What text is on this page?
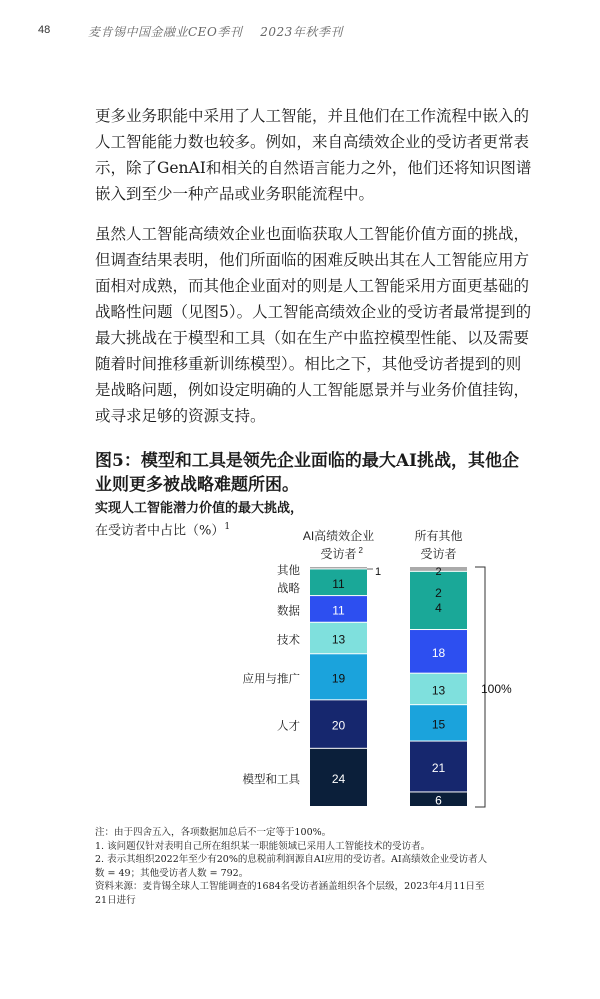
48	麦肯锡中国金融业CEO季刊 2023年秋季刊

更多业务职能中采用了人工智能，并且他们在工作流程中嵌入的人工智能能力数也较多。例如，来自高绩效企业的受访者更常表示，除了GenAI和相关的自然语言能力之外，他们还将知识图谱嵌入到至少一种产品或业务职能流程中。

虽然人工智能高绩效企业也面临获取人工智能价值方面的挑战，但调查结果表明，他们所面临的困难反映出其在人工智能应用方面相对成熟，而其他企业面对的则是人工智能采用方面更基础的战略性问题（见图5）。人工智能高绩效企业的受访者最常提到的最大挑战在于模型和工具（如在生产中监控模型性能、以及需要随着时间推移重新训练模型）。相比之下，其他受访者提到的则是战略问题，例如设定明确的人工智能愿景并与业务价值挂钩，或寻求足够的资源支持。

图5：模型和工具是领先企业面临的最大AI挑战，其他企业则更多被战略难题所困。

实现人工智能潜力价值的最大挑战，
在受访者中占比（%）$^1$
AI高绩效企业
受访者 2
所有其他
受访者
24
20
19
13
11
11
1
6
21
15
13
18
2
4
2
模型和工具
人才
应用与推广
技术
数据
战略
其他
100%
注：由于四舍五入，各项数据加总后不一定等于100%。
1. 该问题仅针对表明自己所在组织某一职能领域已采用人工智能技术的受访者。
2. 表示其组织2022年至少有20%的息税前利润源自AI应用的受访者。AI高绩效企业受访者人
数 = 49；其他受访者人数 = 792。
资料来源：麦肯锡全球人工智能调查的1684名受访者涵盖组织各个层级，2023年4月11日至
21日进行
